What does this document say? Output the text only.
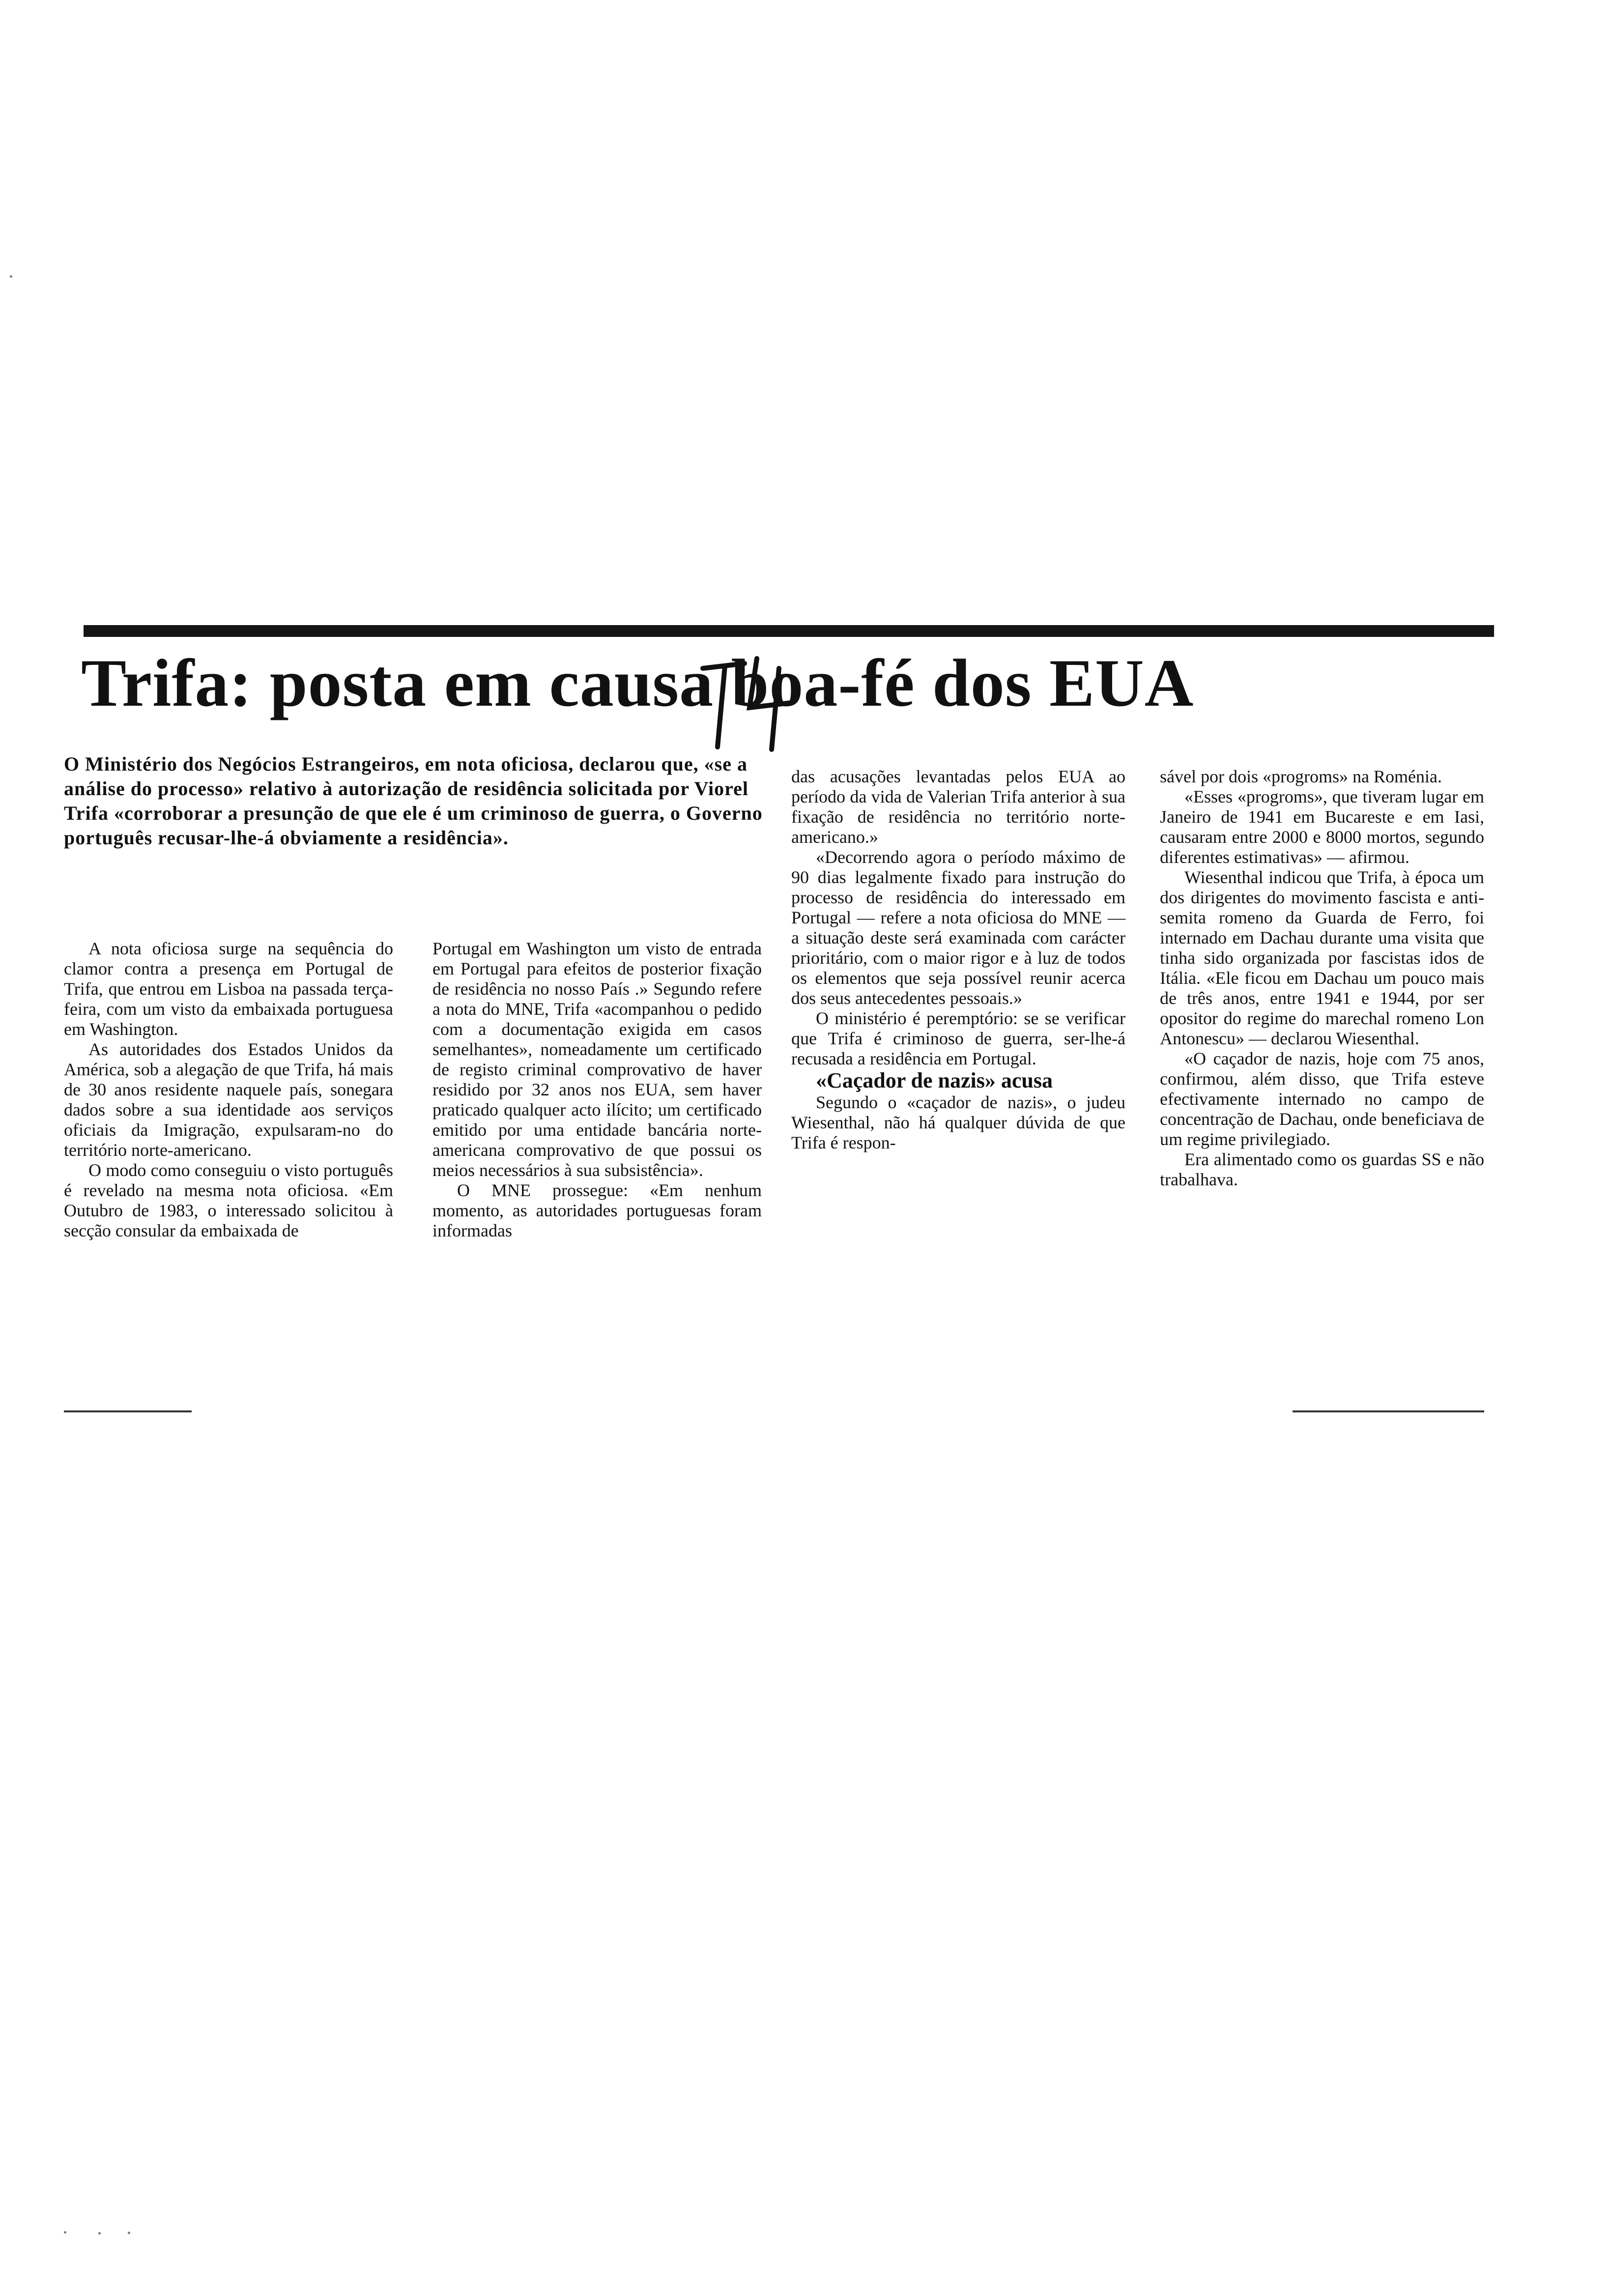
Trifa: posta em causa boa-fé dos EUA

O Ministério dos Negócios Estrangeiros, em nota oficiosa, declarou que, «se a análise do processo» relativo à autorização de residência solicitada por Viorel Trifa «corroborar a presunção de que ele é um criminoso de guerra, o Governo português recusar-lhe-á obviamente a residência».

A nota oficiosa surge na sequência do clamor contra a presença em Portugal de Trifa, que entrou em Lisboa na passada terça-feira, com um visto da embaixada portuguesa em Washington.

As autoridades dos Estados Unidos da América, sob a alegação de que Trifa, há mais de 30 anos residente naquele país, sonegara dados sobre a sua identidade aos serviços oficiais da Imigração, expulsaram-no do território norte-americano.

O modo como conseguiu o visto português é revelado na mesma nota oficiosa. «Em Outubro de 1983, o interessado solicitou à secção consular da embaixada de

Portugal em Washington um visto de entrada em Portugal para efeitos de posterior fixação de residência no nosso País .» Segundo refere a nota do MNE, Trifa «acompanhou o pedido com a documentação exigida em casos semelhantes», nomeadamente um certificado de registo criminal comprovativo de haver residido por 32 anos nos EUA, sem haver praticado qualquer acto ilícito; um certificado emitido por uma entidade bancária norte-americana comprovativo de que possui os meios necessários à sua subsistência».

O MNE prossegue: «Em nenhum momento, as autoridades portuguesas foram informadas

das acusações levantadas pelos EUA ao período da vida de Valerian Trifa anterior à sua fixação de residência no território norte-americano.»

«Decorrendo agora o período máximo de 90 dias legalmente fixado para instrução do processo de residência do interessado em Portugal — refere a nota oficiosa do MNE — a situação deste será examinada com carácter prioritário, com o maior rigor e à luz de todos os elementos que seja possível reunir acerca dos seus antecedentes pessoais.»

O ministério é peremptório: se se verificar que Trifa é criminoso de guerra, ser-lhe-á recusada a residência em Portugal.

«Caçador de nazis» acusa

Segundo o «caçador de nazis», o judeu Wiesenthal, não há qualquer dúvida de que Trifa é respon-

sável por dois «progroms» na Roménia.

«Esses «progroms», que tiveram lugar em Janeiro de 1941 em Bucareste e em Iasi, causaram entre 2000 e 8000 mortos, segundo diferentes estimativas» — afirmou.

Wiesenthal indicou que Trifa, à época um dos dirigentes do movimento fascista e anti-semita romeno da Guarda de Ferro, foi internado em Dachau durante uma visita que tinha sido organizada por fascistas idos de Itália. «Ele ficou em Dachau um pouco mais de três anos, entre 1941 e 1944, por ser opositor do regime do marechal romeno Lon Antonescu» — declarou Wiesenthal.

«O caçador de nazis, hoje com 75 anos, confirmou, além disso, que Trifa esteve efectivamente internado no campo de concentração de Dachau, onde beneficiava de um regime privilegiado.

Era alimentado como os guardas SS e não trabalhava.
